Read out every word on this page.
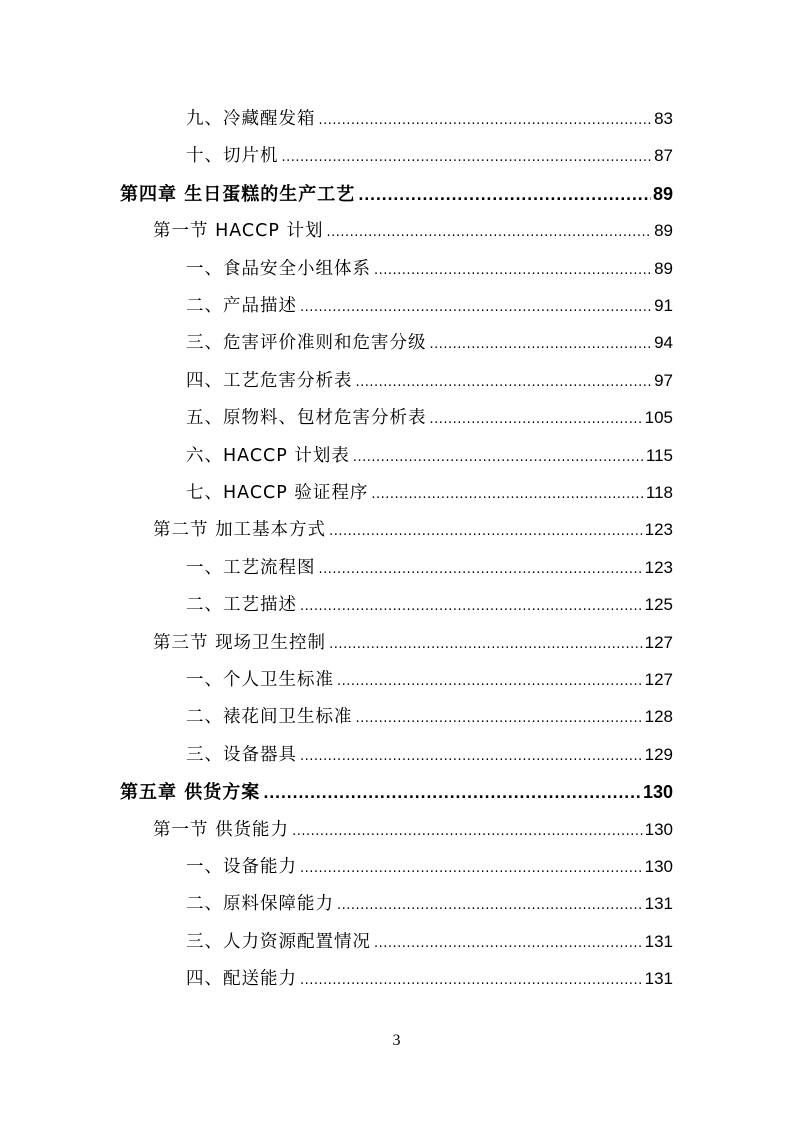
九、冷藏醒发箱 .....	83
十、切片机 .....	87
第四章 生日蛋糕的生产工艺 .....	89
第一节 HACCP 计划 .....	89
一、食品安全小组体系 .....	89
二、产品描述 .....	91
三、危害评价准则和危害分级 .....	94
四、工艺危害分析表 .....	97
五、原物料、包材危害分析表 .....	105
六、HACCP 计划表 .....	115
七、HACCP 验证程序 .....	118
第二节 加工基本方式 .....	123
一、工艺流程图 .....	123
二、工艺描述 .....	125
第三节 现场卫生控制 .....	127
一、个人卫生标准 .....	127
二、裱花间卫生标准 .....	128
三、设备器具 .....	129
第五章 供货方案 .....	130
第一节 供货能力 .....	130
一、设备能力 .....	130
二、原料保障能力 .....	131
三、人力资源配置情况 .....	131
四、配送能力 .....	131
3
